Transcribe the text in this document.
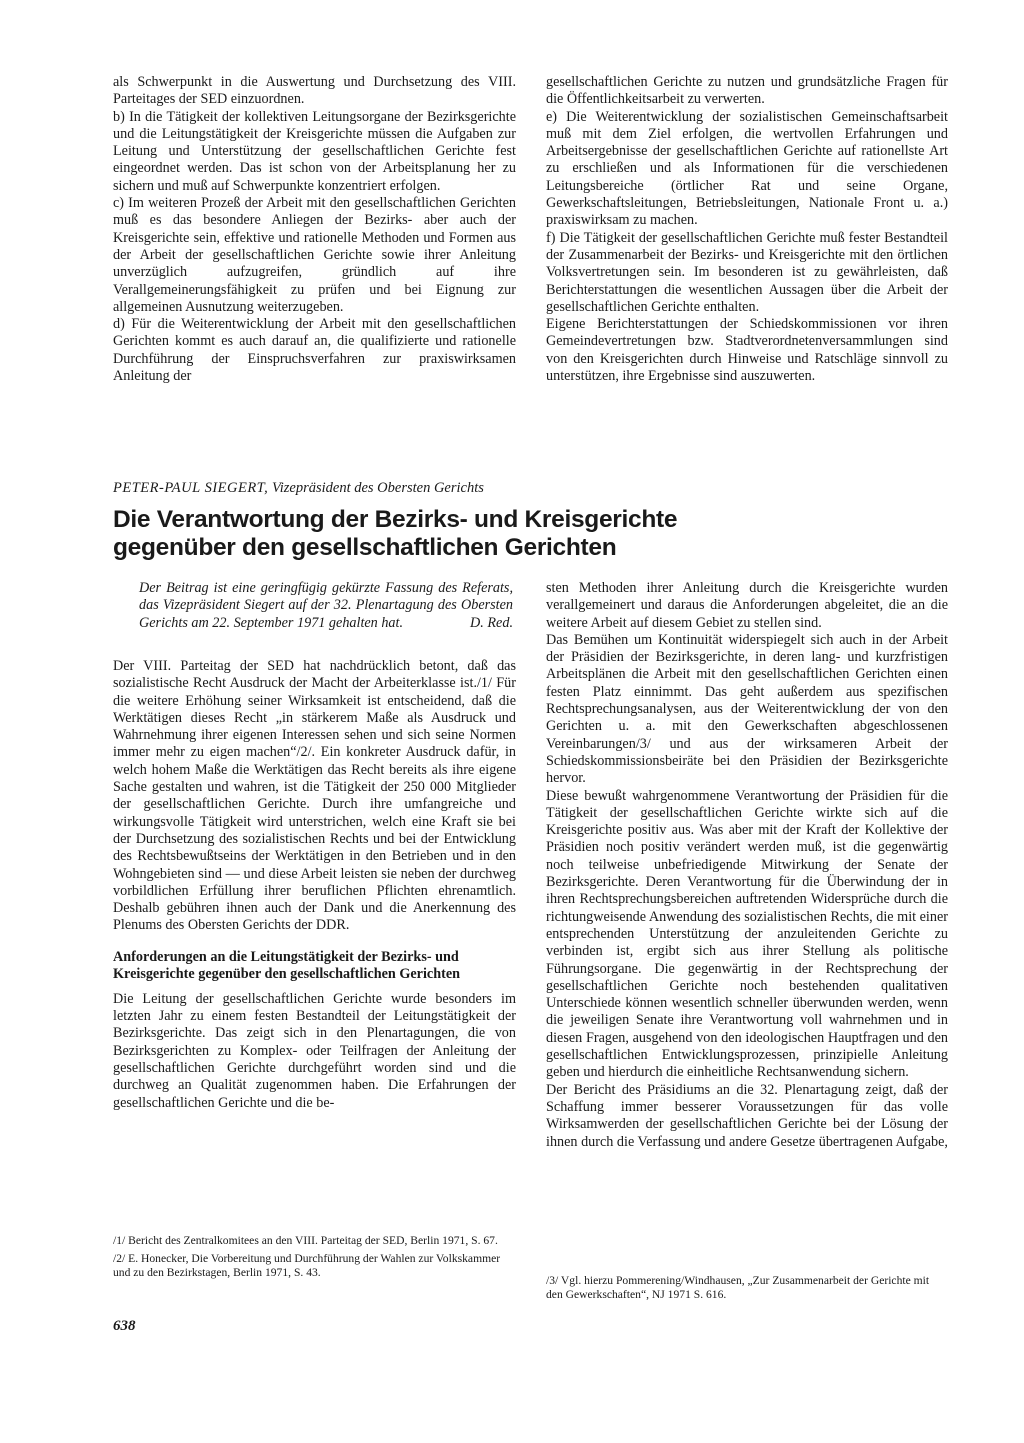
als Schwerpunkt in die Auswertung und Durchsetzung des VIII. Parteitages der SED einzuordnen.

b) In die Tätigkeit der kollektiven Leitungsorgane der Bezirksgerichte und die Leitungstätigkeit der Kreisgerichte müssen die Aufgaben zur Leitung und Unterstützung der gesellschaftlichen Gerichte fest eingeordnet werden. Das ist schon von der Arbeitsplanung her zu sichern und muß auf Schwerpunkte konzentriert erfolgen.

c) Im weiteren Prozeß der Arbeit mit den gesellschaftlichen Gerichten muß es das besondere Anliegen der Bezirks- aber auch der Kreisgerichte sein, effektive und rationelle Methoden und Formen aus der Arbeit der gesellschaftlichen Gerichte sowie ihrer Anleitung unverzüglich aufzugreifen, gründlich auf ihre Verallgemeinerungsfähigkeit zu prüfen und bei Eignung zur allgemeinen Ausnutzung weiterzugeben.

d) Für die Weiterentwicklung der Arbeit mit den gesellschaftlichen Gerichten kommt es auch darauf an, die qualifizierte und rationelle Durchführung der Einspruchsverfahren zur praxiswirksamen Anleitung der

gesellschaftlichen Gerichte zu nutzen und grundsätzliche Fragen für die Öffentlichkeitsarbeit zu verwerten.

e) Die Weiterentwicklung der sozialistischen Gemeinschaftsarbeit muß mit dem Ziel erfolgen, die wertvollen Erfahrungen und Arbeitsergebnisse der gesellschaftlichen Gerichte auf rationellste Art zu erschließen und als Informationen für die verschiedenen Leitungsbereiche (örtlicher Rat und seine Organe, Gewerkschaftsleitungen, Betriebsleitungen, Nationale Front u. a.) praxiswirksam zu machen.

f) Die Tätigkeit der gesellschaftlichen Gerichte muß fester Bestandteil der Zusammenarbeit der Bezirks- und Kreisgerichte mit den örtlichen Volksvertretungen sein. Im besonderen ist zu gewährleisten, daß Berichterstattungen die wesentlichen Aussagen über die Arbeit der gesellschaftlichen Gerichte enthalten.

Eigene Berichterstattungen der Schiedskommissionen vor ihren Gemeindevertretungen bzw. Stadtverordnetenversammlungen sind von den Kreisgerichten durch Hinweise und Ratschläge sinnvoll zu unterstützen, ihre Ergebnisse sind auszuwerten.

PETER-PAUL SIEGERT, Vizepräsident des Obersten Gerichts
Die Verantwortung der Bezirks- und Kreisgerichte
gegenüber den gesellschaftlichen Gerichten
Der Beitrag ist eine geringfügig gekürzte Fassung des Referats, das Vizepräsident Siegert auf der 32. Plenartagung des Obersten Gerichts am 22. September 1971 gehalten hat.	D. Red.

Der VIII. Parteitag der SED hat nachdrücklich betont, daß das sozialistische Recht Ausdruck der Macht der Arbeiterklasse ist./1/ Für die weitere Erhöhung seiner Wirksamkeit ist entscheidend, daß die Werktätigen dieses Recht „in stärkerem Maße als Ausdruck und Wahrnehmung ihrer eigenen Interessen sehen und sich seine Normen immer mehr zu eigen machen“/2/. Ein konkreter Ausdruck dafür, in welch hohem Maße die Werktätigen das Recht bereits als ihre eigene Sache gestalten und wahren, ist die Tätigkeit der 250 000 Mitglieder der gesellschaftlichen Gerichte. Durch ihre umfangreiche und wirkungsvolle Tätigkeit wird unterstrichen, welch eine Kraft sie bei der Durchsetzung des sozialistischen Rechts und bei der Entwicklung des Rechtsbewußtseins der Werktätigen in den Betrieben und in den Wohngebieten sind — und diese Arbeit leisten sie neben der durchweg vorbildlichen Erfüllung ihrer beruflichen Pflichten ehrenamtlich. Deshalb gebühren ihnen auch der Dank und die Anerkennung des Plenums des Obersten Gerichts der DDR.

Anforderungen an die Leitungstätigkeit der Bezirks- und Kreisgerichte gegenüber den gesellschaftlichen Gerichten

Die Leitung der gesellschaftlichen Gerichte wurde besonders im letzten Jahr zu einem festen Bestandteil der Leitungstätigkeit der Bezirksgerichte. Das zeigt sich in den Plenartagungen, die von Bezirksgerichten zu Komplex- oder Teilfragen der Anleitung der gesellschaftlichen Gerichte durchgeführt worden sind und die durchweg an Qualität zugenommen haben. Die Erfahrungen der gesellschaftlichen Gerichte und die be-

sten Methoden ihrer Anleitung durch die Kreisgerichte wurden verallgemeinert und daraus die Anforderungen abgeleitet, die an die weitere Arbeit auf diesem Gebiet zu stellen sind.

Das Bemühen um Kontinuität widerspiegelt sich auch in der Arbeit der Präsidien der Bezirksgerichte, in deren lang- und kurzfristigen Arbeitsplänen die Arbeit mit den gesellschaftlichen Gerichten einen festen Platz einnimmt. Das geht außerdem aus spezifischen Rechtsprechungsanalysen, aus der Weiterentwicklung der von den Gerichten u. a. mit den Gewerkschaften abgeschlossenen Vereinbarungen/3/ und aus der wirksameren Arbeit der Schiedskommissionsbeiräte bei den Präsidien der Bezirksgerichte hervor.

Diese bewußt wahrgenommene Verantwortung der Präsidien für die Tätigkeit der gesellschaftlichen Gerichte wirkte sich auf die Kreisgerichte positiv aus. Was aber mit der Kraft der Kollektive der Präsidien noch positiv verändert werden muß, ist die gegenwärtig noch teilweise unbefriedigende Mitwirkung der Senate der Bezirksgerichte. Deren Verantwortung für die Überwindung der in ihren Rechtsprechungsbereichen auftretenden Widersprüche durch die richtungweisende Anwendung des sozialistischen Rechts, die mit einer entsprechenden Unterstützung der anzuleitenden Gerichte zu verbinden ist, ergibt sich aus ihrer Stellung als politische Führungsorgane. Die gegenwärtig in der Rechtsprechung der gesellschaftlichen Gerichte noch bestehenden qualitativen Unterschiede können wesentlich schneller überwunden werden, wenn die jeweiligen Senate ihre Verantwortung voll wahrnehmen und in diesen Fragen, ausgehend von den ideologischen Hauptfragen und den gesellschaftlichen Entwicklungsprozessen, prinzipielle Anleitung geben und hierdurch die einheitliche Rechtsanwendung sichern.

Der Bericht des Präsidiums an die 32. Plenartagung zeigt, daß der Schaffung immer besserer Voraussetzungen für das volle Wirksamwerden der gesellschaftlichen Gerichte bei der Lösung der ihnen durch die Verfassung und andere Gesetze übertragenen Aufgabe,

/1/ Bericht des Zentralkomitees an den VIII. Parteitag der SED, Berlin 1971, S. 67.

/2/ E. Honecker, Die Vorbereitung und Durchführung der Wahlen zur Volkskammer und zu den Bezirkstagen, Berlin 1971, S. 43.

/3/ Vgl. hierzu Pommerening/Windhausen, „Zur Zusammenarbeit der Gerichte mit den Gewerkschaften“, NJ 1971 S. 616.
638
